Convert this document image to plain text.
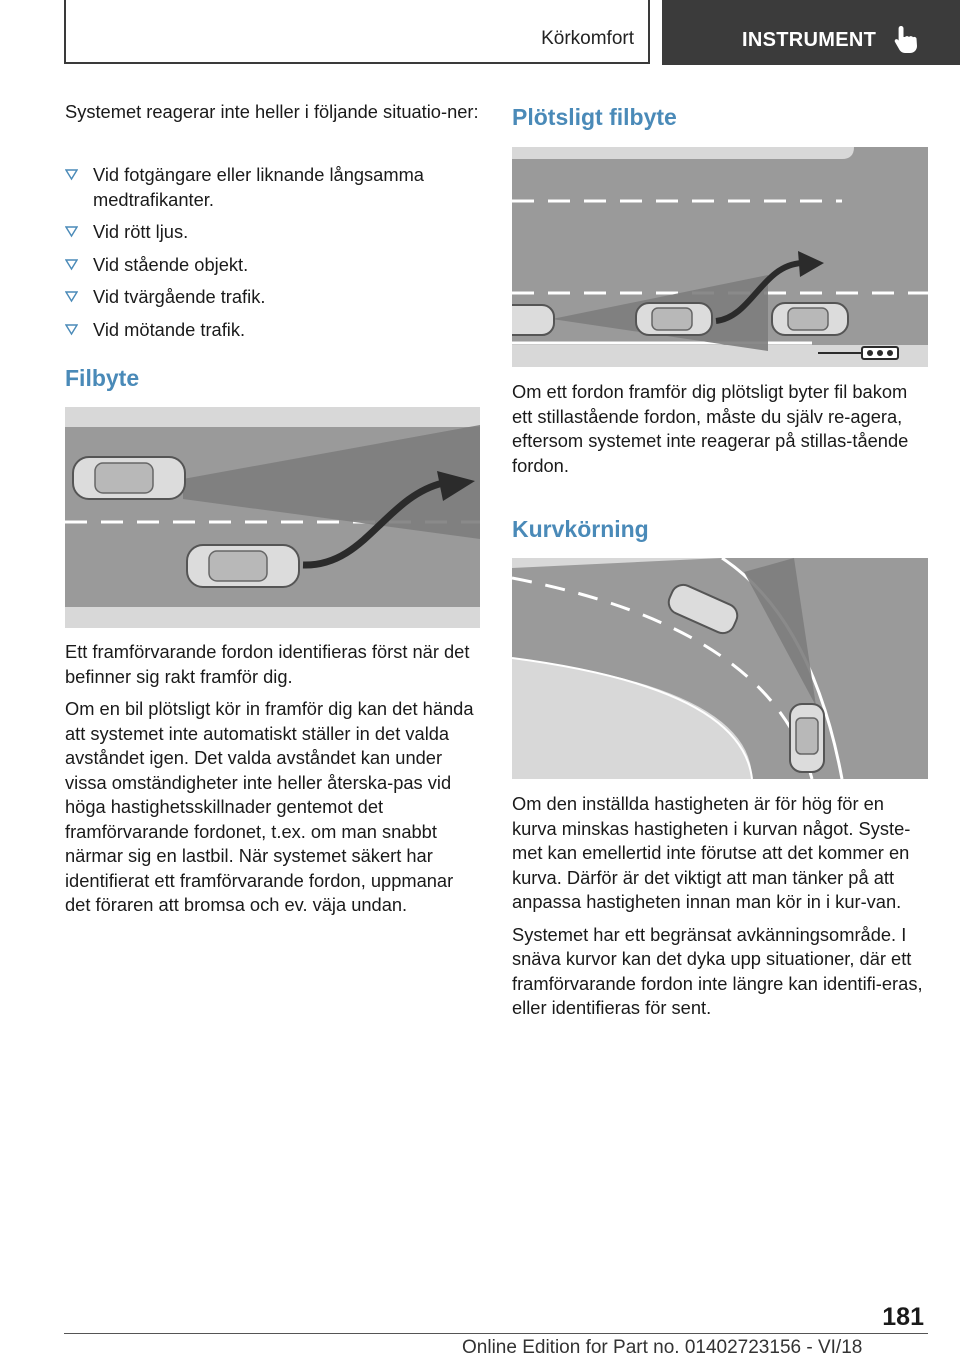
Körkomfort	INSTRUMENT

Systemet reagerar inte heller i följande situatio-ner:

Vid fotgängare eller liknande långsamma medtrafikanter.
Vid rött ljus.
Vid stående objekt.
Vid tvärgående trafik.
Vid mötande trafik.
Filbyte

Ett framförvarande fordon identifieras först när det befinner sig rakt framför dig.

Om en bil plötsligt kör in framför dig kan det hända att systemet inte automatiskt ställer in det valda avståndet igen. Det valda avståndet kan under vissa omständigheter inte heller återska-pas vid höga hastighetsskillnader gentemot det framförvarande fordonet, t.ex. om man snabbt närmar sig en lastbil. När systemet säkert har identifierat ett framförvarande fordon, uppmanar det föraren att bromsa och ev. väja undan.

Plötsligt filbyte

Om ett fordon framför dig plötsligt byter fil bakom ett stillastående fordon, måste du själv re-agera, eftersom systemet inte reagerar på stillas-tående fordon.

Kurvkörning

Om den inställda hastigheten är för hög för en kurva minskas hastigheten i kurvan något. Syste-met kan emellertid inte förutse att det kommer en kurva. Därför är det viktigt att man tänker på att anpassa hastigheten innan man kör in i kur-van.

Systemet har ett begränsat avkänningsområde. I snäva kurvor kan det dyka upp situationer, där ett framförvarande fordon inte längre kan identifi-eras, eller identifieras för sent.

181
Online Edition for Part no. 01402723156 - VI/18
